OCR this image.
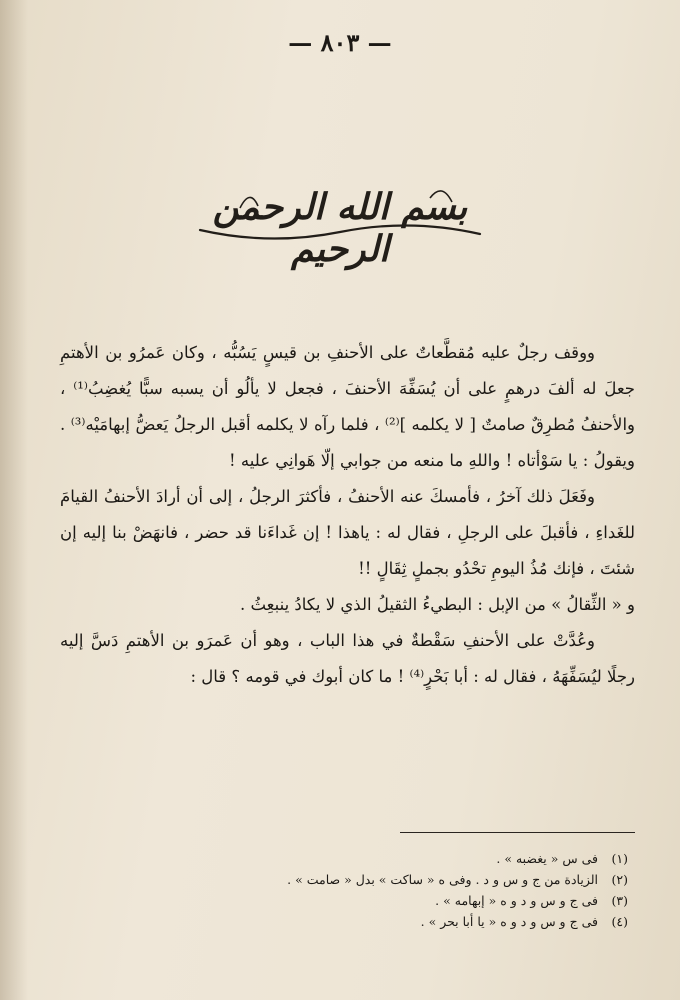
— ٨٠٣ —
بسم الله الرحمن الرحيم

ووقف رجلٌ عليه مُقطَّعاتٌ على الأحنفِ بن قيسٍ يَسُبُّه ، وكان عَمرُو بن الأهتمِ جعلَ له ألفَ درهمٍ على أن يُسَفِّهَ الأحنفَ ، فجعل لا يألُو أن يسبه سبًّا يُغضِبُ⁽¹⁾ ، والأحنفُ مُطرِقٌ صامتٌ [ لا يكلمه ]⁽²⁾ ، فلما رآه لا يكلمه أقبل الرجلُ يَعضُّ إبهامَيْه⁽³⁾ . ويقولُ : يا سَوْأتاه ! واللهِ ما منعه من جوابي إلّا هَوانِي عليه !

وفَعَلَ ذلك آخرُ ، فأمسكَ عنه الأحنفُ ، فأكثرَ الرجلُ ، إلى أن أرادَ الأحنفُ القيامَ للغَداءِ ، فأقبلَ على الرجلِ ، فقال له : ياهذا ! إن غَداءَنا قد حضر ، فانهَضْ بنا إليه إن شئتَ ، فإنك مُذُ اليومِ تحْدُو بجملٍ ثِقَالٍ !!

و « الثِّقالُ » من الإبل : البطيءُ الثقيلُ الذي لا يكادُ ينبعِثُ .

وعُدَّتْ على الأحنفِ سَقْطةٌ في هذا الباب ، وهو أن عَمرَو بن الأهتمِ دَسَّ إليه رجلًا ليُسَفِّهَهُ ، فقال له : أبا بَحْرٍ⁽⁴⁾ ! ما كان أبوك في قومه ؟ قال :

(١) فى س « يغضبه » .
(٢) الزيادة من ج و س و د . وفى ه « ساكت » بدل « صامت » .
(٣) فى ج و س و د و ه « إبهامه » .
(٤) فى ج و س و د و ه « يا أبا بحر » .
